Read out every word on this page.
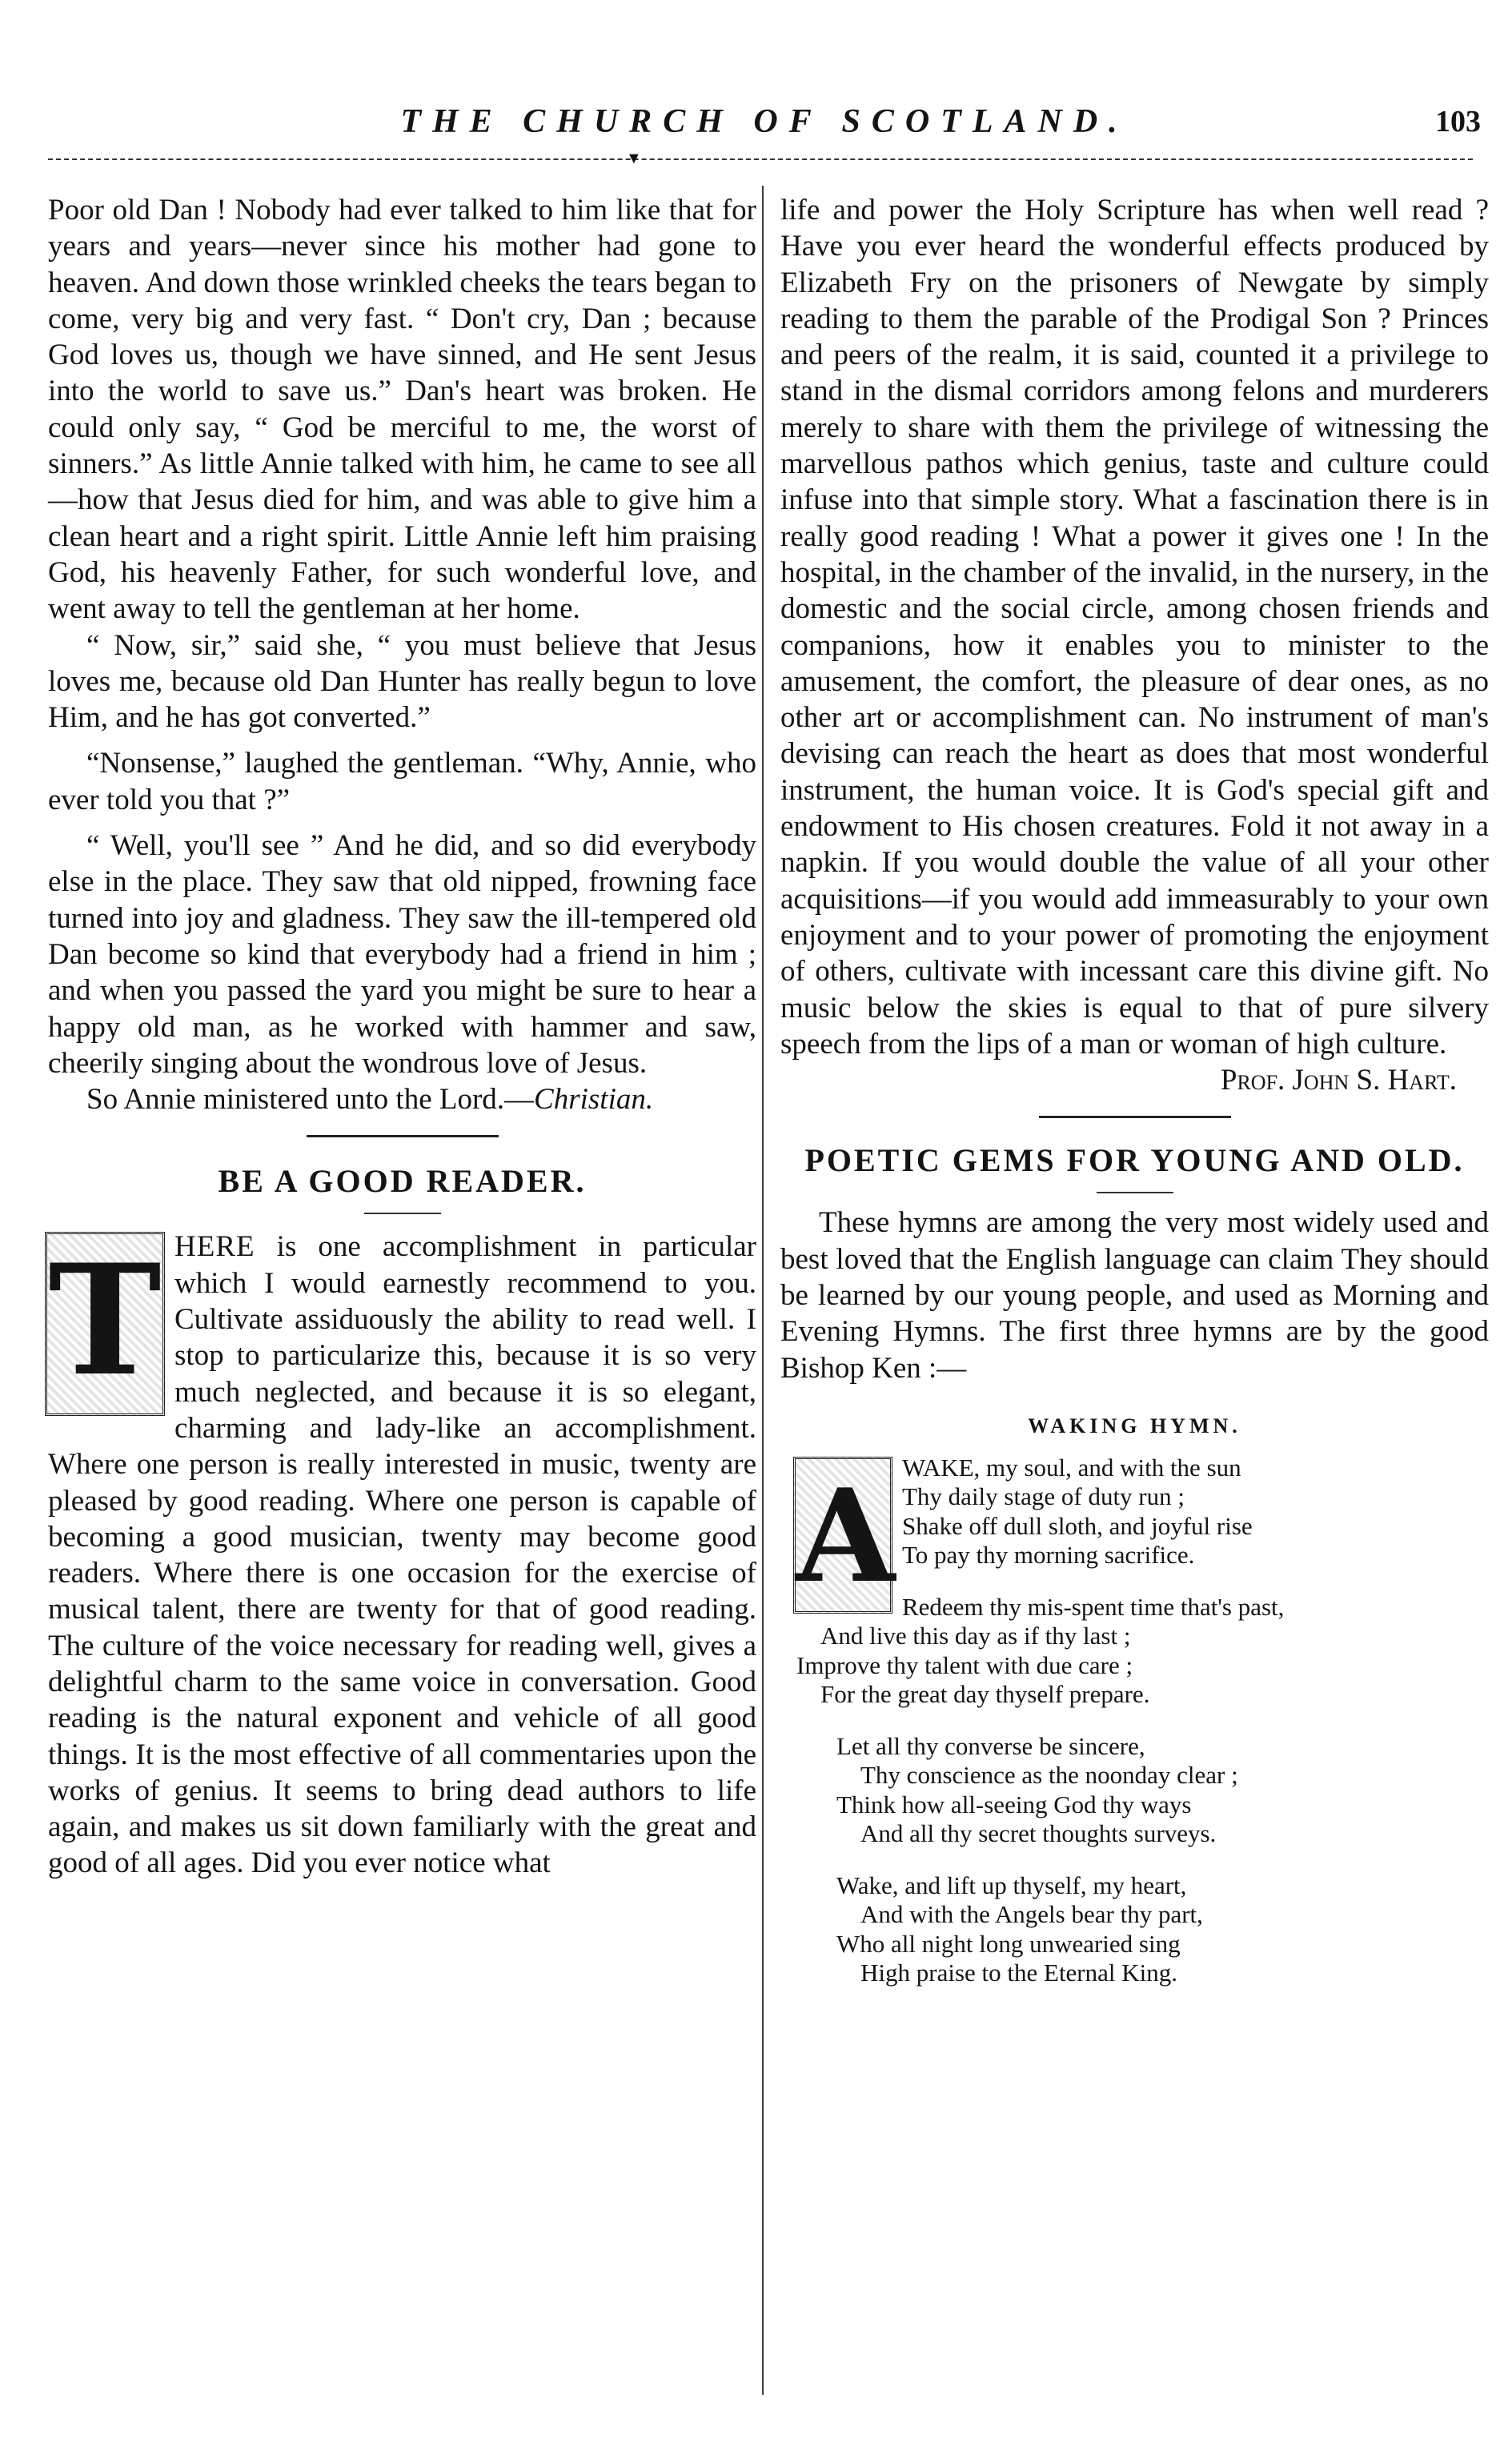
THE CHURCH OF SCOTLAND.	103
▼

Poor old Dan ! Nobody had ever talked to him like that for years and years—never since his mother had gone to heaven. And down those wrinkled cheeks the tears began to come, very big and very fast. “ Don't cry, Dan ; because God loves us, though we have sinned, and He sent Jesus into the world to save us.” Dan's heart was broken. He could only say, “ God be merciful to me, the worst of sinners.” As little Annie talked with him, he came to see all—how that Jesus died for him, and was able to give him a clean heart and a right spirit. Little Annie left him praising God, his heavenly Father, for such wonderful love, and went away to tell the gentleman at her home.

“ Now, sir,” said she, “ you must believe that Jesus loves me, because old Dan Hunter has really begun to love Him, and he has got converted.”

“Nonsense,” laughed the gentleman. “Why, Annie, who ever told you that ?”

“ Well, you'll see ” And he did, and so did everybody else in the place. They saw that old nipped, frowning face turned into joy and gladness. They saw the ill-tempered old Dan become so kind that everybody had a friend in him ; and when you passed the yard you might be sure to hear a happy old man, as he worked with hammer and saw, cheerily singing about the wondrous love of Jesus.

So Annie ministered unto the Lord.—Christian.

BE A GOOD READER.
T HERE is one accomplishment in particular which I would earnestly recommend to you. Cultivate assiduously the ability to read well. I stop to particularize this, because it is so very much neglected, and because it is so elegant, charming and lady-like an accomplishment. Where one person is really interested in music, twenty are pleased by good reading. Where one person is capable of becoming a good musician, twenty may become good readers. Where there is one occasion for the exercise of musical talent, there are twenty for that of good reading. The culture of the voice necessary for reading well, gives a delightful charm to the same voice in conversation. Good reading is the natural exponent and vehicle of all good things. It is the most effective of all commentaries upon the works of genius. It seems to bring dead authors to life again, and makes us sit down familiarly with the great and good of all ages. Did you ever notice what

life and power the Holy Scripture has when well read ? Have you ever heard the wonderful effects produced by Elizabeth Fry on the prisoners of Newgate by simply reading to them the parable of the Prodigal Son ? Princes and peers of the realm, it is said, counted it a privilege to stand in the dismal corridors among felons and murderers merely to share with them the privilege of witnessing the marvellous pathos which genius, taste and culture could infuse into that simple story. What a fascination there is in really good reading ! What a power it gives one ! In the hospital, in the chamber of the invalid, in the nursery, in the domestic and the social circle, among chosen friends and companions, how it enables you to minister to the amusement, the comfort, the pleasure of dear ones, as no other art or accomplishment can. No instrument of man's devising can reach the heart as does that most wonderful instrument, the human voice. It is God's special gift and endowment to His chosen creatures. Fold it not away in a napkin. If you would double the value of all your other acquisitions—if you would add immeasurably to your own enjoyment and to your power of promoting the enjoyment of others, cultivate with incessant care this divine gift. No music below the skies is equal to that of pure silvery speech from the lips of a man or woman of high culture.

Prof. John S. Hart.

POETIC GEMS FOR YOUNG AND OLD.

These hymns are among the very most widely used and best loved that the English language can claim They should be learned by our young people, and used as Morning and Evening Hymns. The first three hymns are by the good Bishop Ken :—

WAKING HYMN.
A WAKE, my soul, and with the sun
Thy daily stage of duty run ;
Shake off dull sloth, and joyful rise
To pay thy morning sacrifice.
Redeem thy mis-spent time that's past,
And live this day as if thy last ;
Improve thy talent with due care ;
For the great day thyself prepare.
Let all thy converse be sincere,
Thy conscience as the noonday clear ;
Think how all-seeing God thy ways
And all thy secret thoughts surveys.
Wake, and lift up thyself, my heart,
And with the Angels bear thy part,
Who all night long unwearied sing
High praise to the Eternal King.
